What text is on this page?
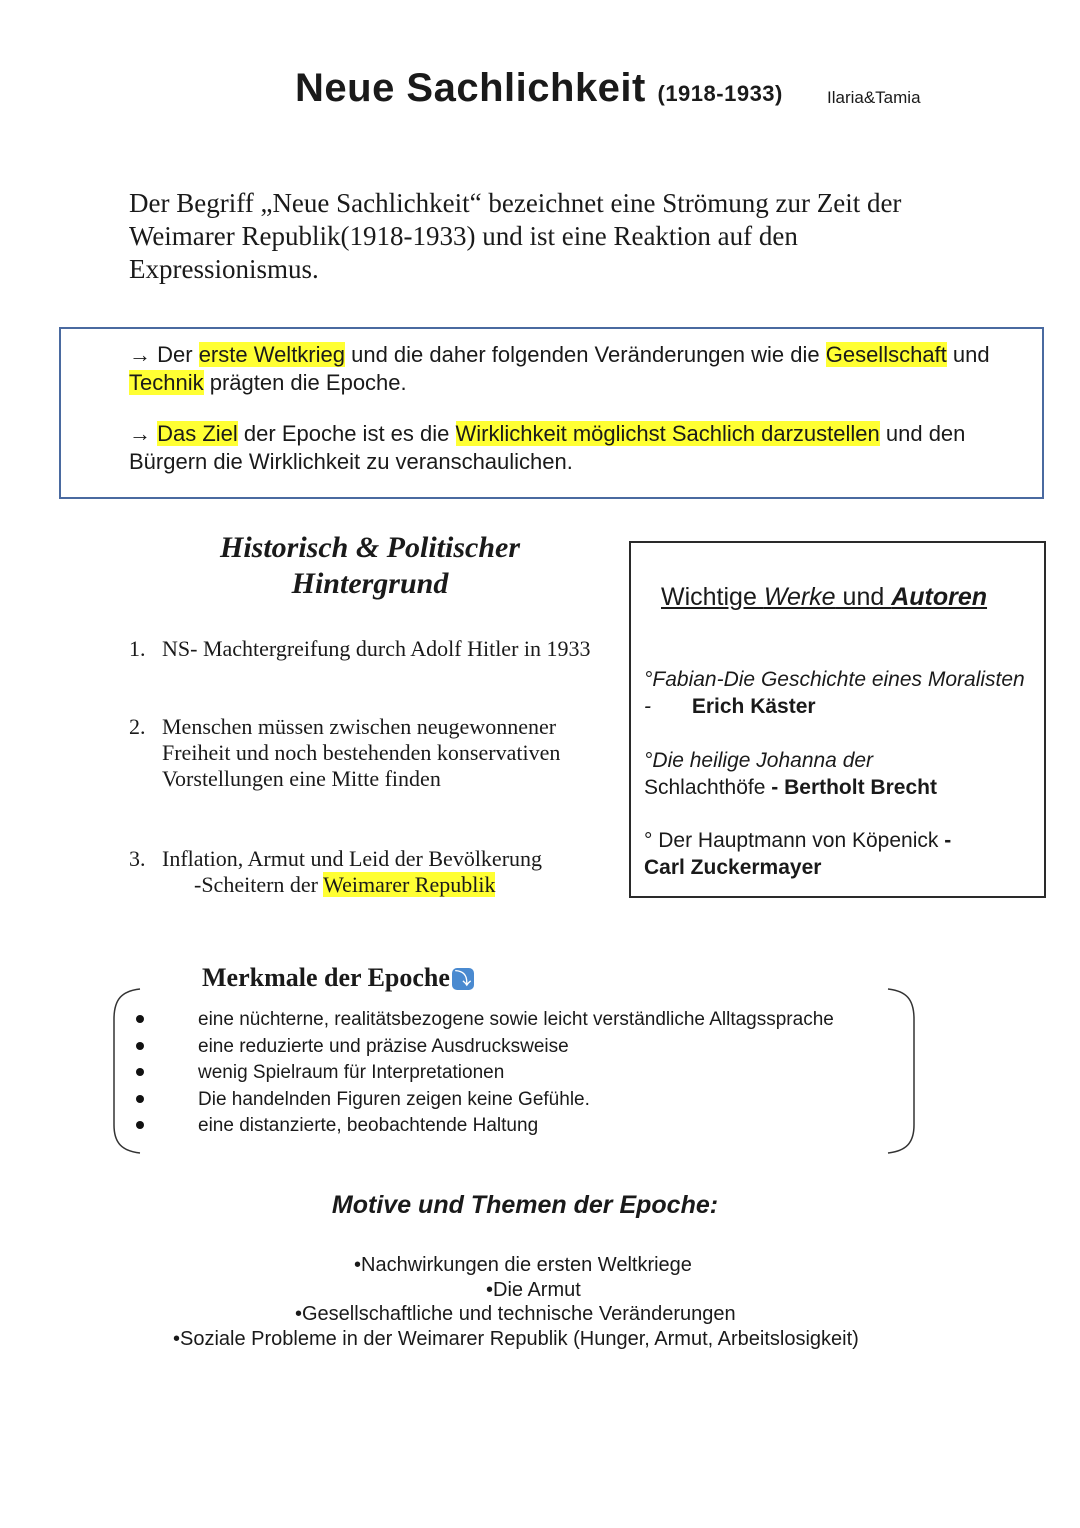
Neue Sachlichkeit (1918-1933)	Ilaria&Tamia
Der Begriff „Neue Sachlichkeit“ bezeichnet eine Strömung zur Zeit der Weimarer Republik(1918-1933) und ist eine Reaktion auf den Expressionismus.

→ Der erste Weltkrieg und die daher folgenden Veränderungen wie die Gesellschaft und Technik prägten die Epoche.

→ Das Ziel der Epoche ist es die Wirklichkeit möglichst Sachlich darzustellen und den Bürgern die Wirklichkeit zu veranschaulichen.

Historisch & Politischer
Hintergrund
1. NS- Machtergreifung durch Adolf Hitler in 1933
2. Menschen müssen zwischen neugewonnener Freiheit und noch bestehenden konservativen Vorstellungen eine Mitte finden
3. Inflation, Armut und Leid der Bevölkerung
-Scheitern der Weimarer Republik
Wichtige Werke und Autoren
°Fabian-Die Geschichte eines Moralisten - Erich Käster
°Die heilige Johanna der
Schlachthöfe - Bertholt Brecht
° Der Hauptmann von Köpenick -
Carl Zuckermayer
Merkmale der Epoche ⤵
eine nüchterne, realitätsbezogene sowie leicht verständliche Alltagssprache
eine reduzierte und präzise Ausdrucksweise
wenig Spielraum für Interpretationen
Die handelnden Figuren zeigen keine Gefühle.
eine distanzierte, beobachtende Haltung
Motive und Themen der Epoche:
•Nachwirkungen die ersten Weltkriege
•Die Armut
•Gesellschaftliche und technische Veränderungen
•Soziale Probleme in der Weimarer Republik (Hunger, Armut, Arbeitslosigkeit)
